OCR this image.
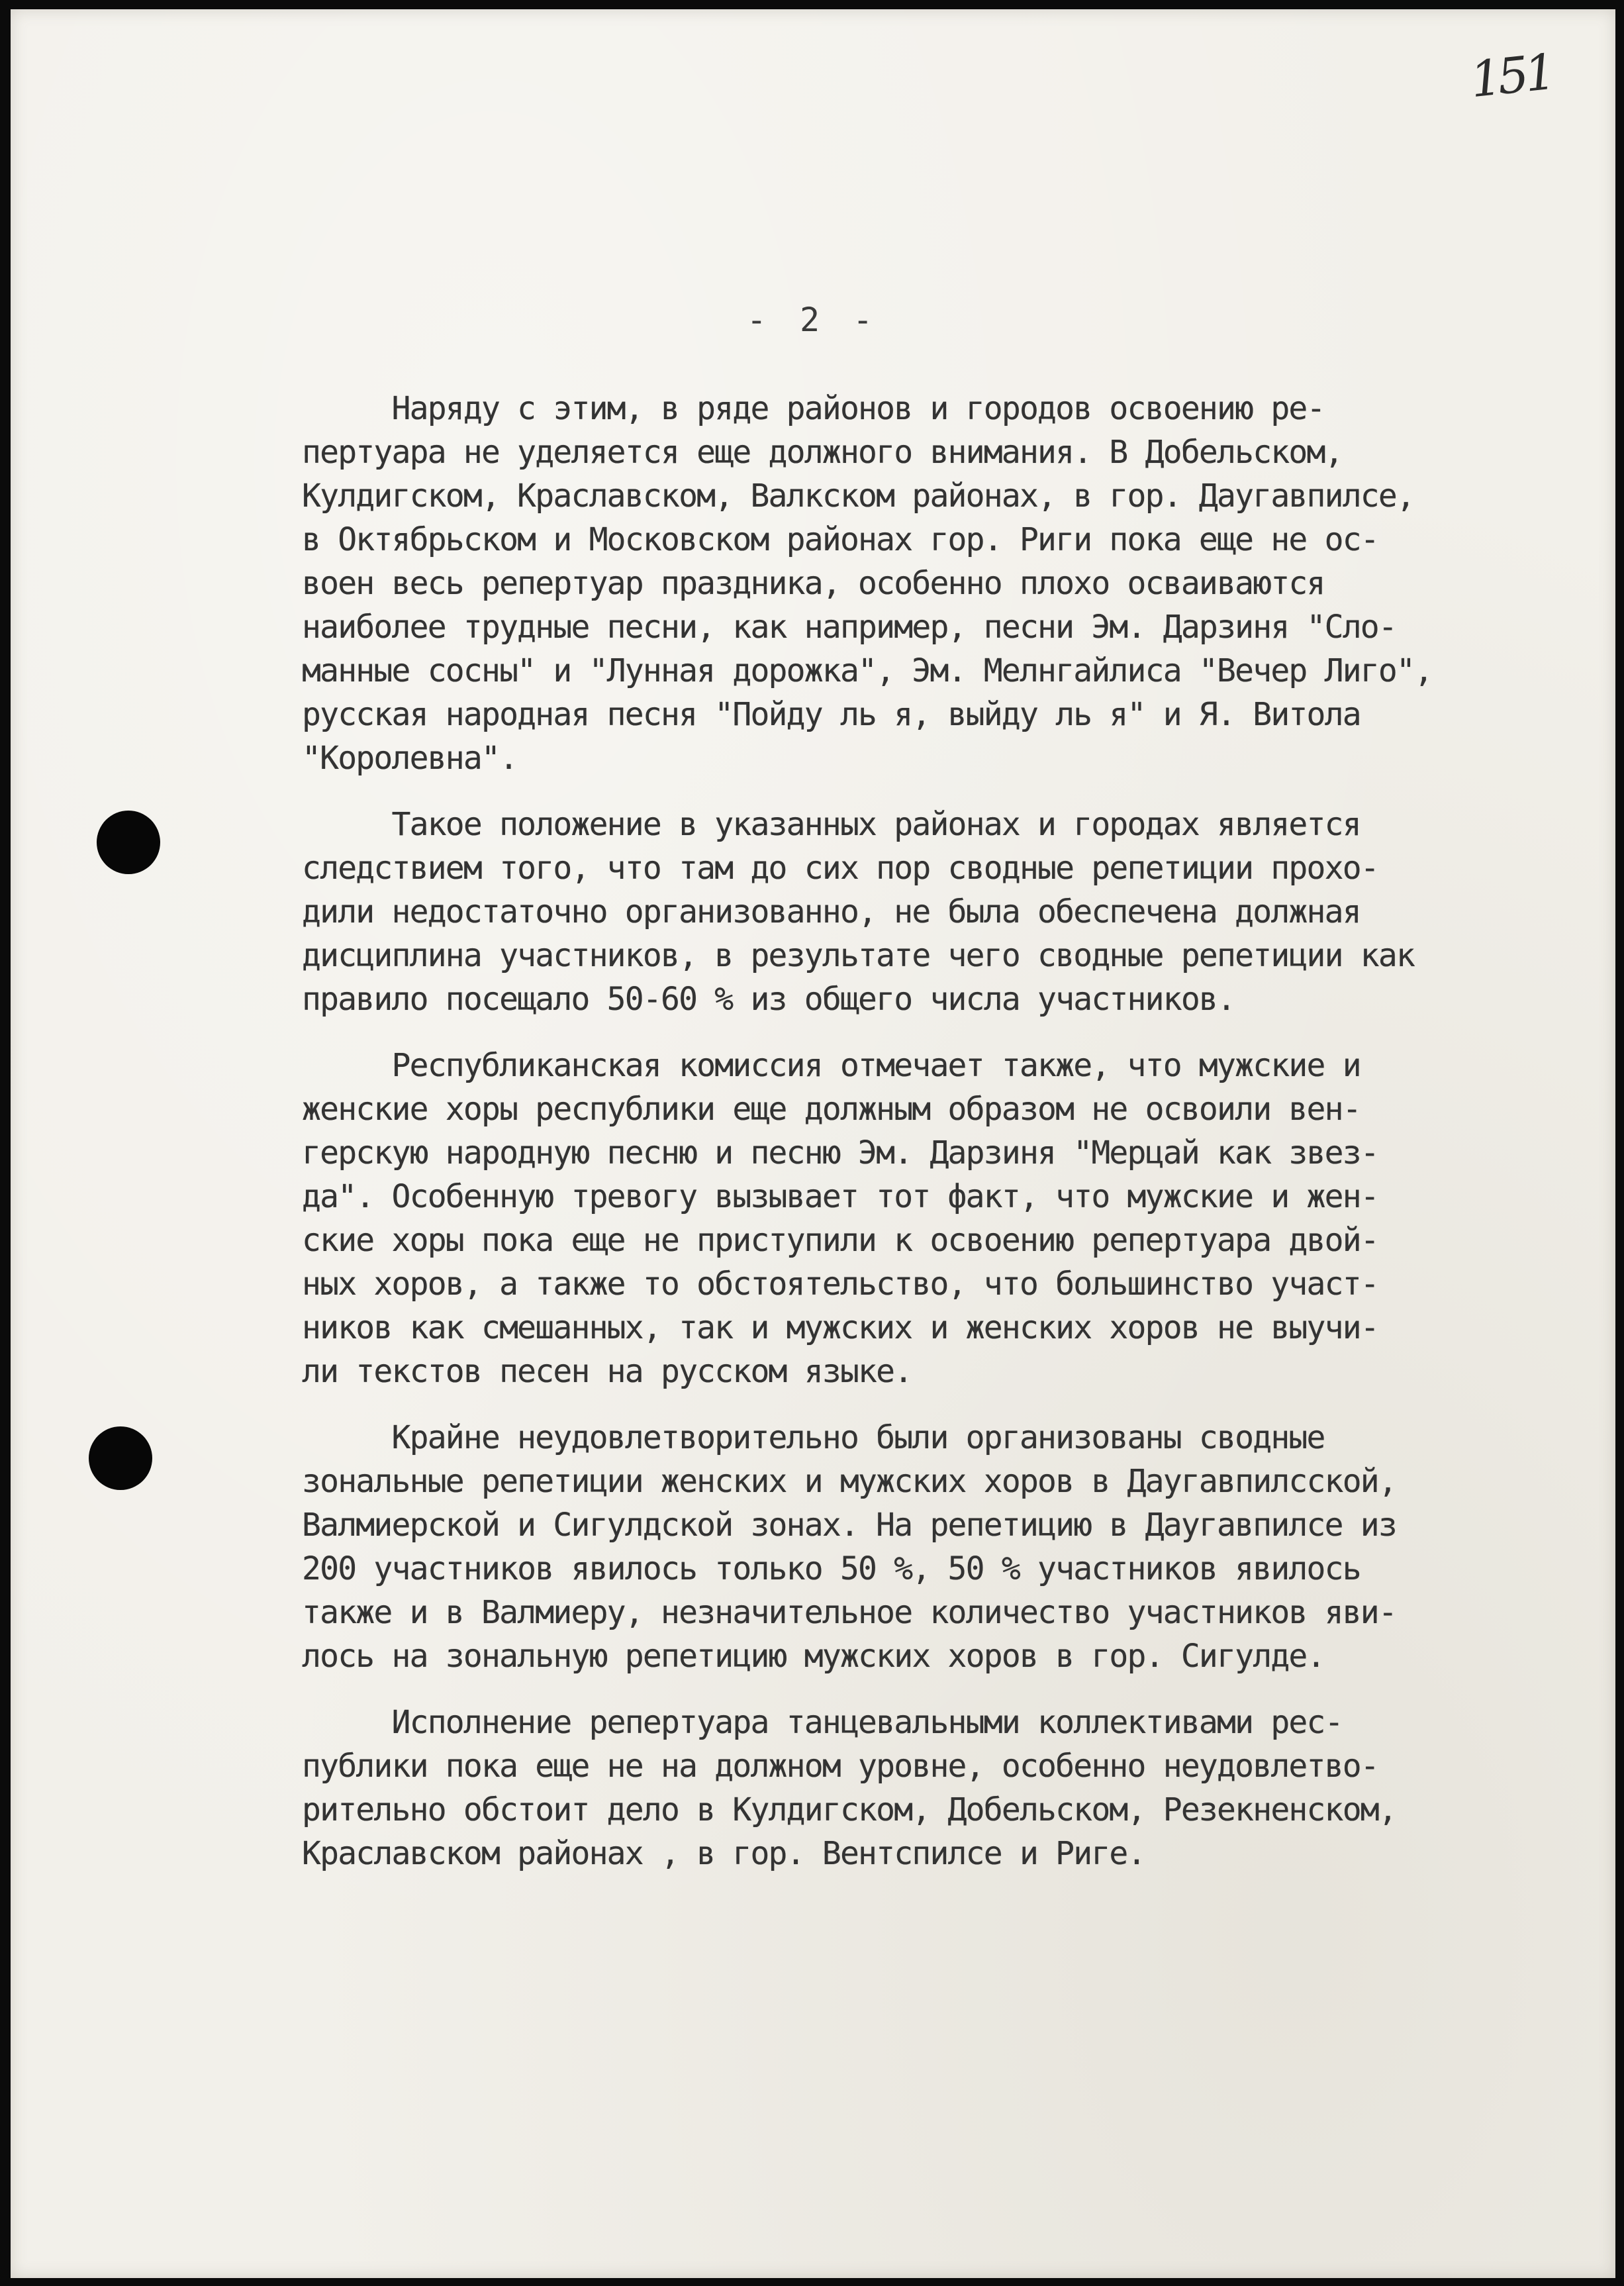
151
- 2 -
Наряду с этим, в ряде районов и городов освоению ре-
пертуара не уделяется еще должного внимания. В Добельском,
Кулдигском, Краславском, Валкском районах, в гор. Даугавпилсе,
в Октябрьском и Московском районах гор. Риги пока еще не ос-
воен весь репертуар праздника, особенно плохо осваиваются
наиболее трудные песни, как например, песни Эм. Дарзиня "Сло-
манные сосны" и "Лунная дорожка", Эм. Мелнгайлиса "Вечер Лиго",
русская народная песня "Пойду ль я, выйду ль я" и Я. Витола
"Королевна".
Такое положение в указанных районах и городах является
следствием того, что там до сих пор сводные репетиции прохо-
дили недостаточно организованно, не была обеспечена должная
дисциплина участников, в результате чего сводные репетиции как
правило посещало 50-60 % из общего числа участников.
Республиканская комиссия отмечает также, что мужские и
женские хоры республики еще должным образом не освоили вен-
герскую народную песню и песню Эм. Дарзиня "Мерцай как звез-
да". Особенную тревогу вызывает тот факт, что мужские и жен-
ские хоры пока еще не приступили к освоению репертуара двой-
ных хоров, а также то обстоятельство, что большинство участ-
ников как смешанных, так и мужских и женских хоров не выучи-
ли текстов песен на русском языке.
Крайне неудовлетворительно были организованы сводные
зональные репетиции женских и мужских хоров в Даугавпилсской,
Валмиерской и Сигулдской зонах. На репетицию в Даугавпилсе из
200 участников явилось только 50 %, 50 % участников явилось
также и в Валмиеру, незначительное количество участников яви-
лось на зональную репетицию мужских хоров в гор. Сигулде.
Исполнение репертуара танцевальными коллективами рес-
публики пока еще не на должном уровне, особенно неудовлетво-
рительно обстоит дело в Кулдигском, Добельском, Резекненском,
Краславском районах , в гор. Вентспилсе и Риге.
